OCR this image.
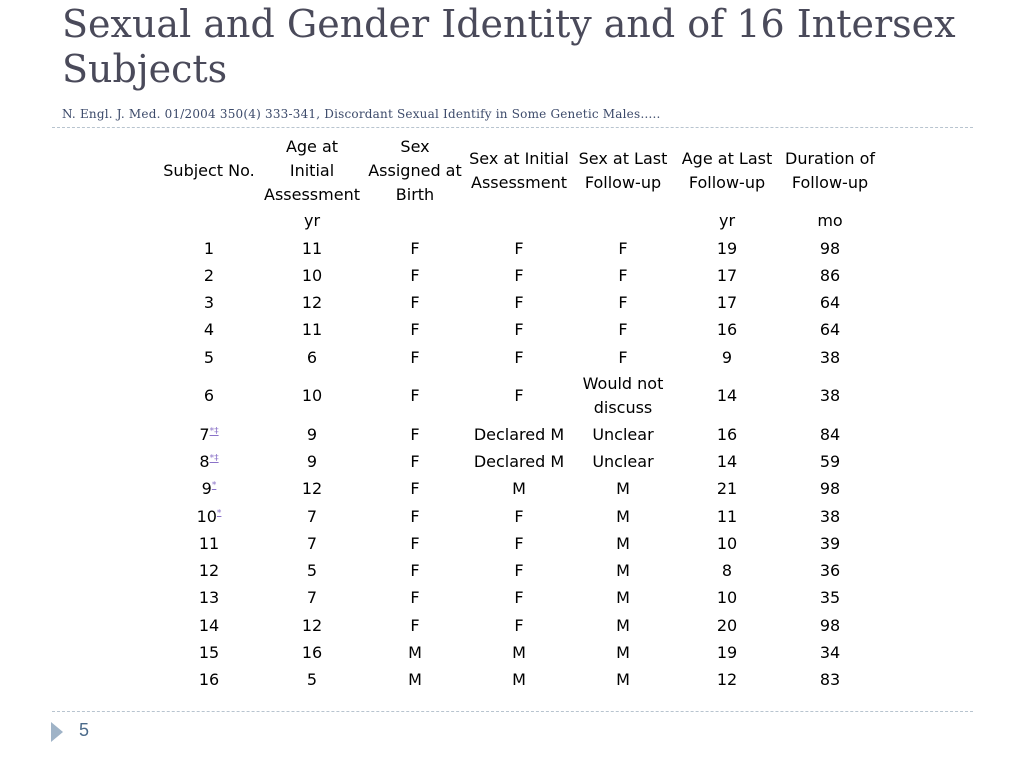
Sexual and Gender Identity and of 16 Intersex Subjects
N. Engl. J. Med. 01/2004 350(4) 333-341, Discordant Sexual Identify in Some Genetic Males…..
Subject No.	Age at Initial Assessment	Sex Assigned at Birth	Sex at Initial Assessment	Sex at Last Follow-up	Age at Last Follow-up	Duration of Follow-up
	yr				yr	mo
1	11	F	F	F	19	98
2	10	F	F	F	17	86
3	12	F	F	F	17	64
4	11	F	F	F	16	64
5	6	F	F	F	9	38
6	10	F	F	Would not discuss	14	38
7*‡	9	F	Declared M	Unclear	16	84
8*‡	9	F	Declared M	Unclear	14	59
9*	12	F	M	M	21	98
10*	7	F	F	M	11	38
11	7	F	F	M	10	39
12	5	F	F	M	8	36
13	7	F	F	M	10	35
14	12	F	F	M	20	98
15	16	M	M	M	19	34
16	5	M	M	M	12	83
5
